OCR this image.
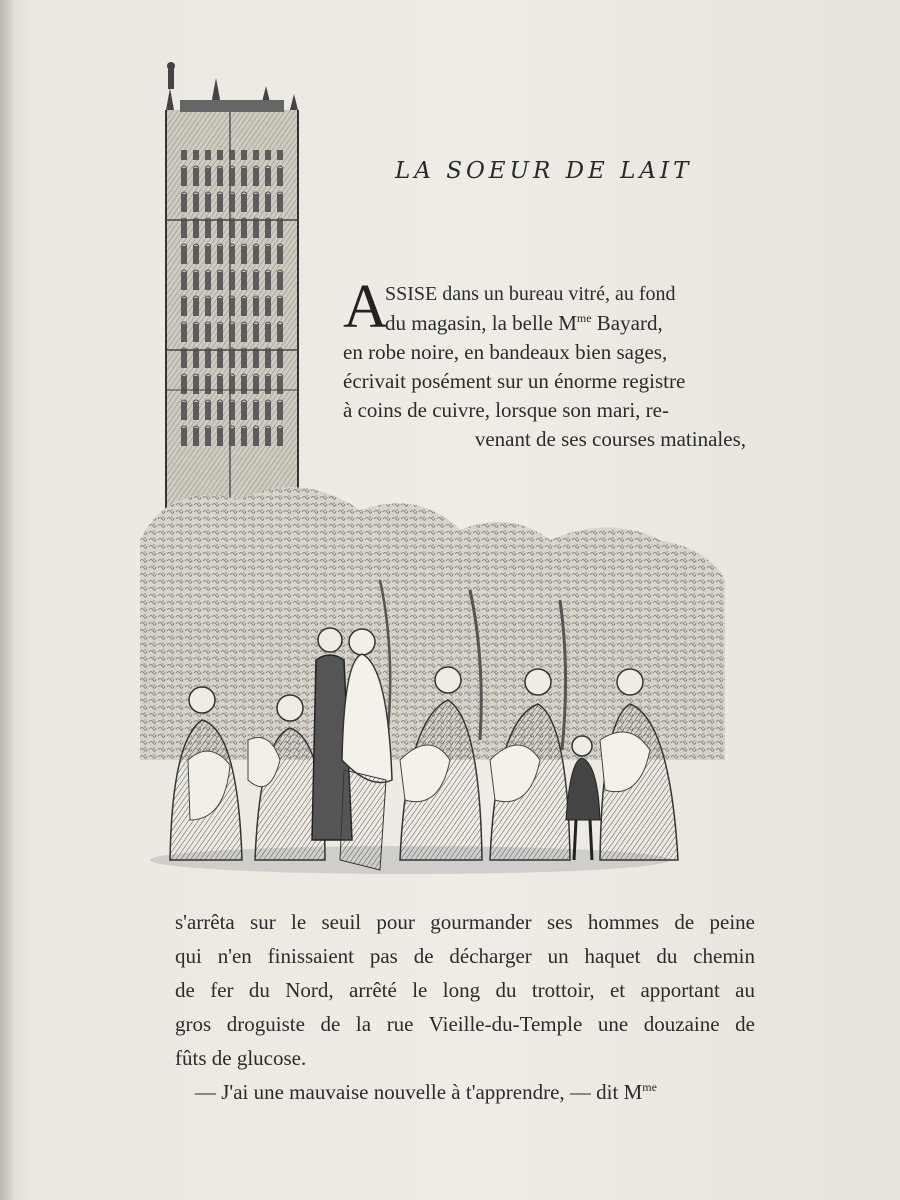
LA SOEUR DE LAIT
A
SSISE dans un bureau vitré, au fond
du magasin, la belle $M^{me}$ Bayard,
en robe noire, en bandeaux bien sages,
écrivait posément sur un énorme registre
à coins de cuivre, lorsque son mari, re-
venant de ses courses matinales,
s'arrêta sur le seuil pour gourmander ses hommes de peine
qui n'en finissaient pas de décharger un haquet du chemin
de fer du Nord, arrêté le long du trottoir, et apportant au
gros droguiste de la rue Vieille-du-Temple une douzaine de
fûts de glucose.
— J'ai une mauvaise nouvelle à t'apprendre, — dit $M^{me}$
